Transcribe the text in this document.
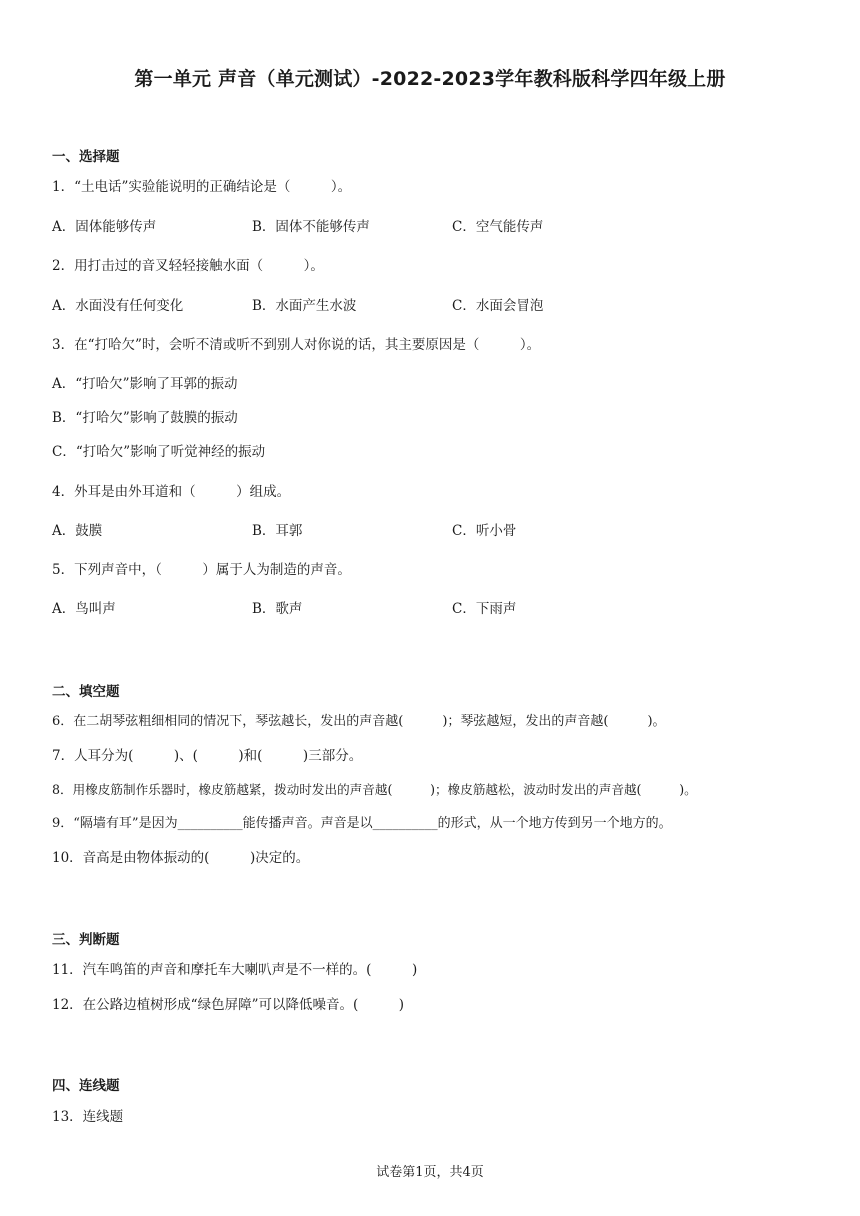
第一单元 声音（单元测试）-2022-2023学年教科版科学四年级上册
一、选择题
1．“土电话”实验能说明的正确结论是（　　　）。
A．固体能够传声	B．固体不能够传声	C．空气能传声
2．用打击过的音叉轻轻接触水面（　　　）。
A．水面没有任何变化	B．水面产生水波	C．水面会冒泡
3．在“打哈欠”时，会听不清或听不到别人对你说的话，其主要原因是（　　　）。
A．“打哈欠”影响了耳郭的振动
B．“打哈欠”影响了鼓膜的振动
C．“打哈欠”影响了听觉神经的振动
4．外耳是由外耳道和（　　　）组成。
A．鼓膜	B．耳郭	C．听小骨
5．下列声音中，（　　　）属于人为制造的声音。
A．鸟叫声	B．歌声	C．下雨声
二、填空题
6．在二胡琴弦粗细相同的情况下，琴弦越长，发出的声音越(　　　)；琴弦越短，发出的声音越(　　　)。
7．人耳分为(　　　)、(　　　)和(　　　)三部分。
8．用橡皮筋制作乐器时，橡皮筋越紧，拨动时发出的声音越(　　　)；橡皮筋越松，波动时发出的声音越(　　　)。
9．“隔墙有耳”是因为__________能传播声音。声音是以__________的形式，从一个地方传到另一个地方的。
10．音高是由物体振动的(　　　)决定的。
三、判断题
11．汽车鸣笛的声音和摩托车大喇叭声是不一样的。(　　　)
12．在公路边植树形成“绿色屏障”可以降低噪音。(　　　)
四、连线题
13．连线题
试卷第1页，共4页
